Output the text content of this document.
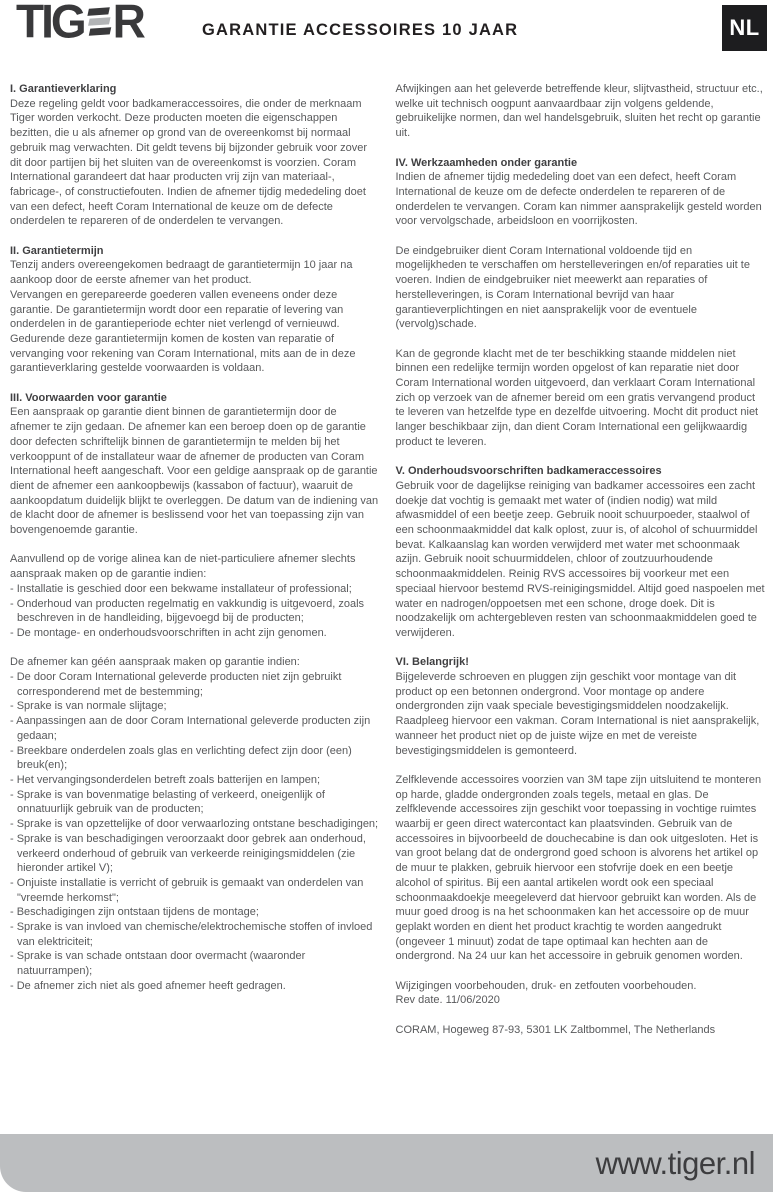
TIG R	GARANTIE ACCESSOIRES 10 JAAR	NL
I. Garantieverklaring
Deze regeling geldt voor badkameraccessoires, die onder de merknaam Tiger worden verkocht. Deze producten moeten die eigenschappen bezitten, die u als afnemer op grond van de overeenkomst bij normaal gebruik mag verwachten. Dit geldt tevens bij bijzonder gebruik voor zover dit door partijen bij het sluiten van de overeenkomst is voorzien. Coram International garandeert dat haar producten vrij zijn van materiaal-, fabricage-, of constructiefouten. Indien de afnemer tijdig mededeling doet van een defect, heeft Coram International de keuze om de defecte onderdelen te repareren of de onderdelen te vervangen.
II. Garantietermijn
Tenzij anders overeengekomen bedraagt de garantietermijn 10 jaar na aankoop door de eerste afnemer van het product.
Vervangen en gerepareerde goederen vallen eveneens onder deze garantie. De garantietermijn wordt door een reparatie of levering van onderdelen in de garantieperiode echter niet verlengd of vernieuwd.
Gedurende deze garantietermijn komen de kosten van reparatie of vervanging voor rekening van Coram International, mits aan de in deze garantieverklaring gestelde voorwaarden is voldaan.
III. Voorwaarden voor garantie
Een aanspraak op garantie dient binnen de garantietermijn door de afnemer te zijn gedaan. De afnemer kan een beroep doen op de garantie door defecten schriftelijk binnen de garantietermijn te melden bij het verkooppunt of de installateur waar de afnemer de producten van Coram International heeft aangeschaft. Voor een geldige aanspraak op de garantie dient de afnemer een aankoopbewijs (kassabon of factuur), waaruit de aankoopdatum duidelijk blijkt te overleggen. De datum van de indiening van de klacht door de afnemer is beslissend voor het van toepassing zijn van bovengenoemde garantie.
Aanvullend op de vorige alinea kan de niet-particuliere afnemer slechts aanspraak maken op de garantie indien:
- Installatie is geschied door een bekwame installateur of professional;
- Onderhoud van producten regelmatig en vakkundig is uitgevoerd, zoals beschreven in de handleiding, bijgevoegd bij de producten;
- De montage- en onderhoudsvoorschriften in acht zijn genomen.
De afnemer kan géén aanspraak maken op garantie indien:
- De door Coram International geleverde producten niet zijn gebruikt corresponderend met de bestemming;
- Sprake is van normale slijtage;
- Aanpassingen aan de door Coram International geleverde producten zijn gedaan;
- Breekbare onderdelen zoals glas en verlichting defect zijn door (een) breuk(en);
- Het vervangingsonderdelen betreft zoals batterijen en lampen;
- Sprake is van bovenmatige belasting of verkeerd, oneigenlijk of onnatuurlijk gebruik van de producten;
- Sprake is van opzettelijke of door verwaarlozing ontstane beschadigingen;
- Sprake is van beschadigingen veroorzaakt door gebrek aan onderhoud, verkeerd onderhoud of gebruik van verkeerde reinigingsmiddelen (zie hieronder artikel V);
- Onjuiste installatie is verricht of gebruik is gemaakt van onderdelen van "vreemde herkomst";
- Beschadigingen zijn ontstaan tijdens de montage;
- Sprake is van invloed van chemische/elektrochemische stoffen of invloed van elektriciteit;
- Sprake is van schade ontstaan door overmacht (waaronder natuurrampen);
- De afnemer zich niet als goed afnemer heeft gedragen.
Afwijkingen aan het geleverde betreffende kleur, slijtvastheid, structuur etc., welke uit technisch oogpunt aanvaardbaar zijn volgens geldende, gebruikelijke normen, dan wel handelsgebruik, sluiten het recht op garantie uit.
IV. Werkzaamheden onder garantie
Indien de afnemer tijdig mededeling doet van een defect, heeft Coram International de keuze om de defecte onderdelen te repareren of de onderdelen te vervangen. Coram kan nimmer aansprakelijk gesteld worden voor vervolgschade, arbeidsloon en voorrijkosten.
De eindgebruiker dient Coram International voldoende tijd en mogelijkheden te verschaffen om herstelleveringen en/of reparaties uit te voeren. Indien de eindgebruiker niet meewerkt aan reparaties of herstelleveringen, is Coram International bevrijd van haar garantieverplichtingen en niet aansprakelijk voor de eventuele (vervolg)schade.
Kan de gegronde klacht met de ter beschikking staande middelen niet binnen een redelijke termijn worden opgelost of kan reparatie niet door Coram International worden uitgevoerd, dan verklaart Coram International zich op verzoek van de afnemer bereid om een gratis vervangend product te leveren van hetzelfde type en dezelfde uitvoering. Mocht dit product niet langer beschikbaar zijn, dan dient Coram International een gelijkwaardig product te leveren.
V. Onderhoudsvoorschriften badkameraccessoires
Gebruik voor de dagelijkse reiniging van badkamer accessoires een zacht doekje dat vochtig is gemaakt met water of (indien nodig) wat mild afwasmiddel of een beetje zeep. Gebruik nooit schuurpoeder, staalwol of een schoonmaakmiddel dat kalk oplost, zuur is, of alcohol of schuurmiddel bevat. Kalkaanslag kan worden verwijderd met water met schoonmaak azijn. Gebruik nooit schuurmiddelen, chloor of zoutzuurhoudende schoonmaakmiddelen. Reinig RVS accessoires bij voorkeur met een speciaal hiervoor bestemd RVS-reinigingsmiddel. Altijd goed naspoelen met water en nadrogen/oppoetsen met een schone, droge doek. Dit is noodzakelijk om achtergebleven resten van schoonmaakmiddelen goed te verwijderen.
VI. Belangrijk!
Bijgeleverde schroeven en pluggen zijn geschikt voor montage van dit product op een betonnen ondergrond. Voor montage op andere ondergronden zijn vaak speciale bevestigingsmiddelen noodzakelijk. Raadpleeg hiervoor een vakman. Coram International is niet aansprakelijk, wanneer het product niet op de juiste wijze en met de vereiste bevestigingsmiddelen is gemonteerd.
Zelfklevende accessoires voorzien van 3M tape zijn uitsluitend te monteren op harde, gladde ondergronden zoals tegels, metaal en glas. De zelfklevende accessoires zijn geschikt voor toepassing in vochtige ruimtes waarbij er geen direct watercontact kan plaatsvinden. Gebruik van de accessoires in bijvoorbeeld de douchecabine is dan ook uitgesloten. Het is van groot belang dat de ondergrond goed schoon is alvorens het artikel op de muur te plakken, gebruik hiervoor een stofvrije doek en een beetje alcohol of spiritus. Bij een aantal artikelen wordt ook een speciaal schoonmaakdoekje meegeleverd dat hiervoor gebruikt kan worden. Als de muur goed droog is na het schoonmaken kan het accessoire op de muur geplakt worden en dient het product krachtig te worden aangedrukt (ongeveer 1 minuut) zodat de tape optimaal kan hechten aan de ondergrond. Na 24 uur kan het accessoire in gebruik genomen worden.
Wijzigingen voorbehouden, druk- en zetfouten voorbehouden.
Rev date. 11/06/2020
CORAM, Hogeweg 87-93, 5301 LK Zaltbommel, The Netherlands
www.tiger.nl
